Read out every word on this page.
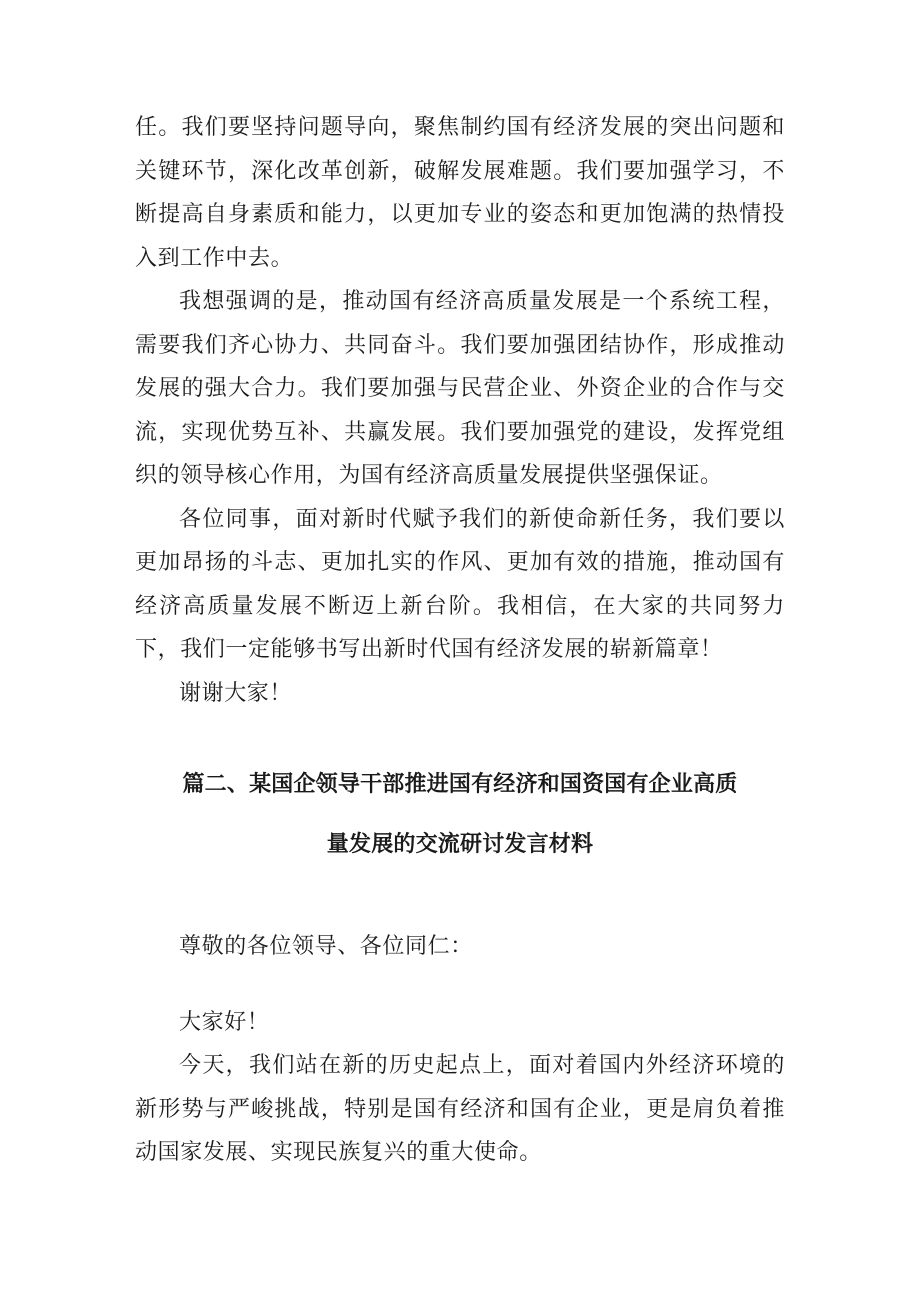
任。我们要坚持问题导向，聚焦制约国有经济发展的突出问题和关键环节，深化改革创新，破解发展难题。我们要加强学习，不断提高自身素质和能力，以更加专业的姿态和更加饱满的热情投入到工作中去。

我想强调的是，推动国有经济高质量发展是一个系统工程，需要我们齐心协力、共同奋斗。我们要加强团结协作，形成推动发展的强大合力。我们要加强与民营企业、外资企业的合作与交流，实现优势互补、共赢发展。我们要加强党的建设，发挥党组织的领导核心作用，为国有经济高质量发展提供坚强保证。

各位同事，面对新时代赋予我们的新使命新任务，我们要以更加昂扬的斗志、更加扎实的作风、更加有效的措施，推动国有经济高质量发展不断迈上新台阶。我相信，在大家的共同努力下，我们一定能够书写出新时代国有经济发展的崭新篇章！

谢谢大家！

篇二、某国企领导干部推进国有经济和国资国有企业高质
量发展的交流研讨发言材料

尊敬的各位领导、各位同仁：

大家好！

今天，我们站在新的历史起点上，面对着国内外经济环境的新形势与严峻挑战，特别是国有经济和国有企业，更是肩负着推动国家发展、实现民族复兴的重大使命。
